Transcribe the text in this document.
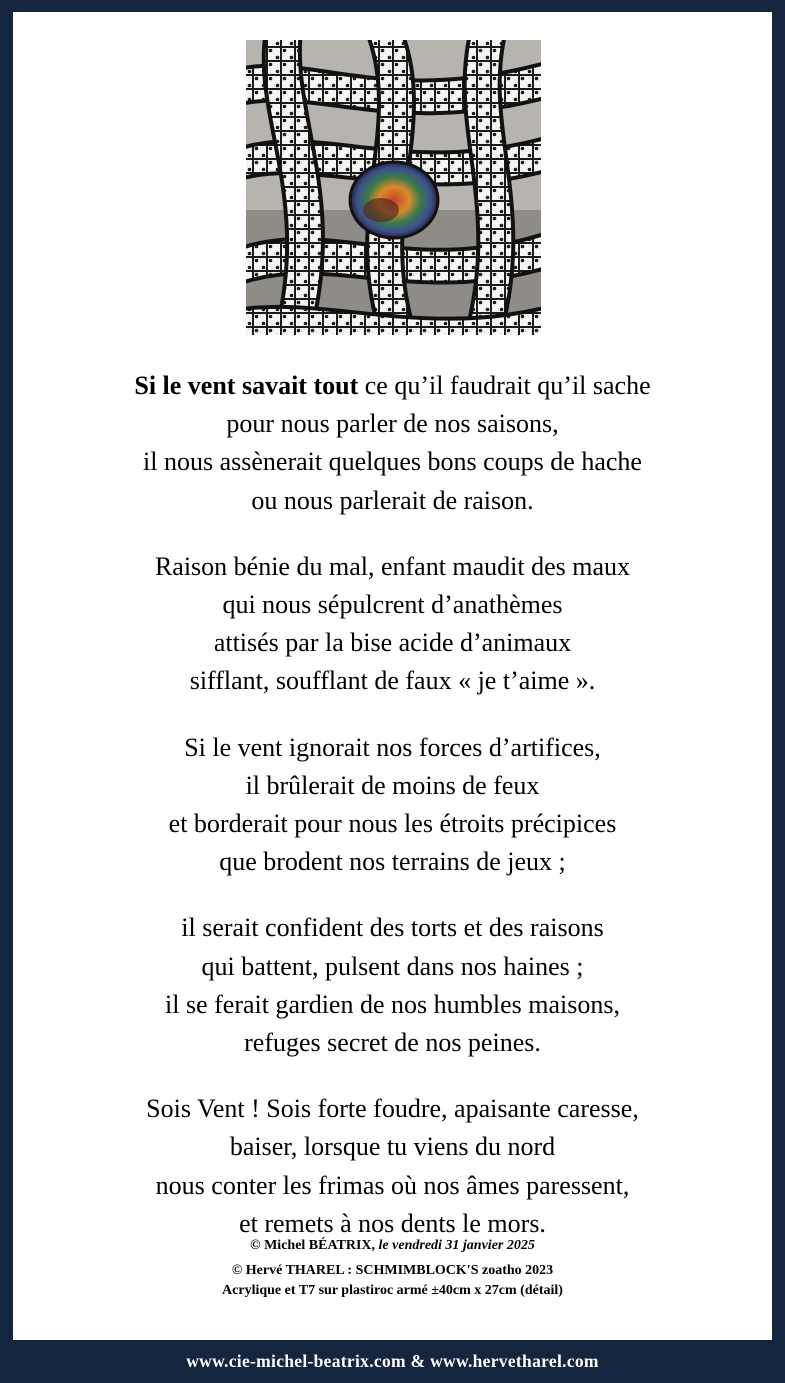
Si le vent savait tout ce qu’il faudrait qu’il sache
pour nous parler de nos saisons,
il nous assènerait quelques bons coups de hache
ou nous parlerait de raison.
Raison bénie du mal, enfant maudit des maux
qui nous sépulcrent d’anathèmes
attisés par la bise acide d’animaux
sifflant, soufflant de faux « je t’aime ».
Si le vent ignorait nos forces d’artifices,
il brûlerait de moins de feux
et borderait pour nous les étroits précipices
que brodent nos terrains de jeux ;
il serait confident des torts et des raisons
qui battent, pulsent dans nos haines ;
il se ferait gardien de nos humbles maisons,
refuges secret de nos peines.
Sois Vent ! Sois forte foudre, apaisante caresse,
baiser, lorsque tu viens du nord
nous conter les frimas où nos âmes paressent,
et remets à nos dents le mors.
© Michel BÉATRIX, le vendredi 31 janvier 2025
© Hervé THAREL : SCHMIMBLOCK'S zoatho 2023
Acrylique et T7 sur plastiroc armé ±40cm x 27cm (détail)
www.cie-michel-beatrix.com & www.hervetharel.com
